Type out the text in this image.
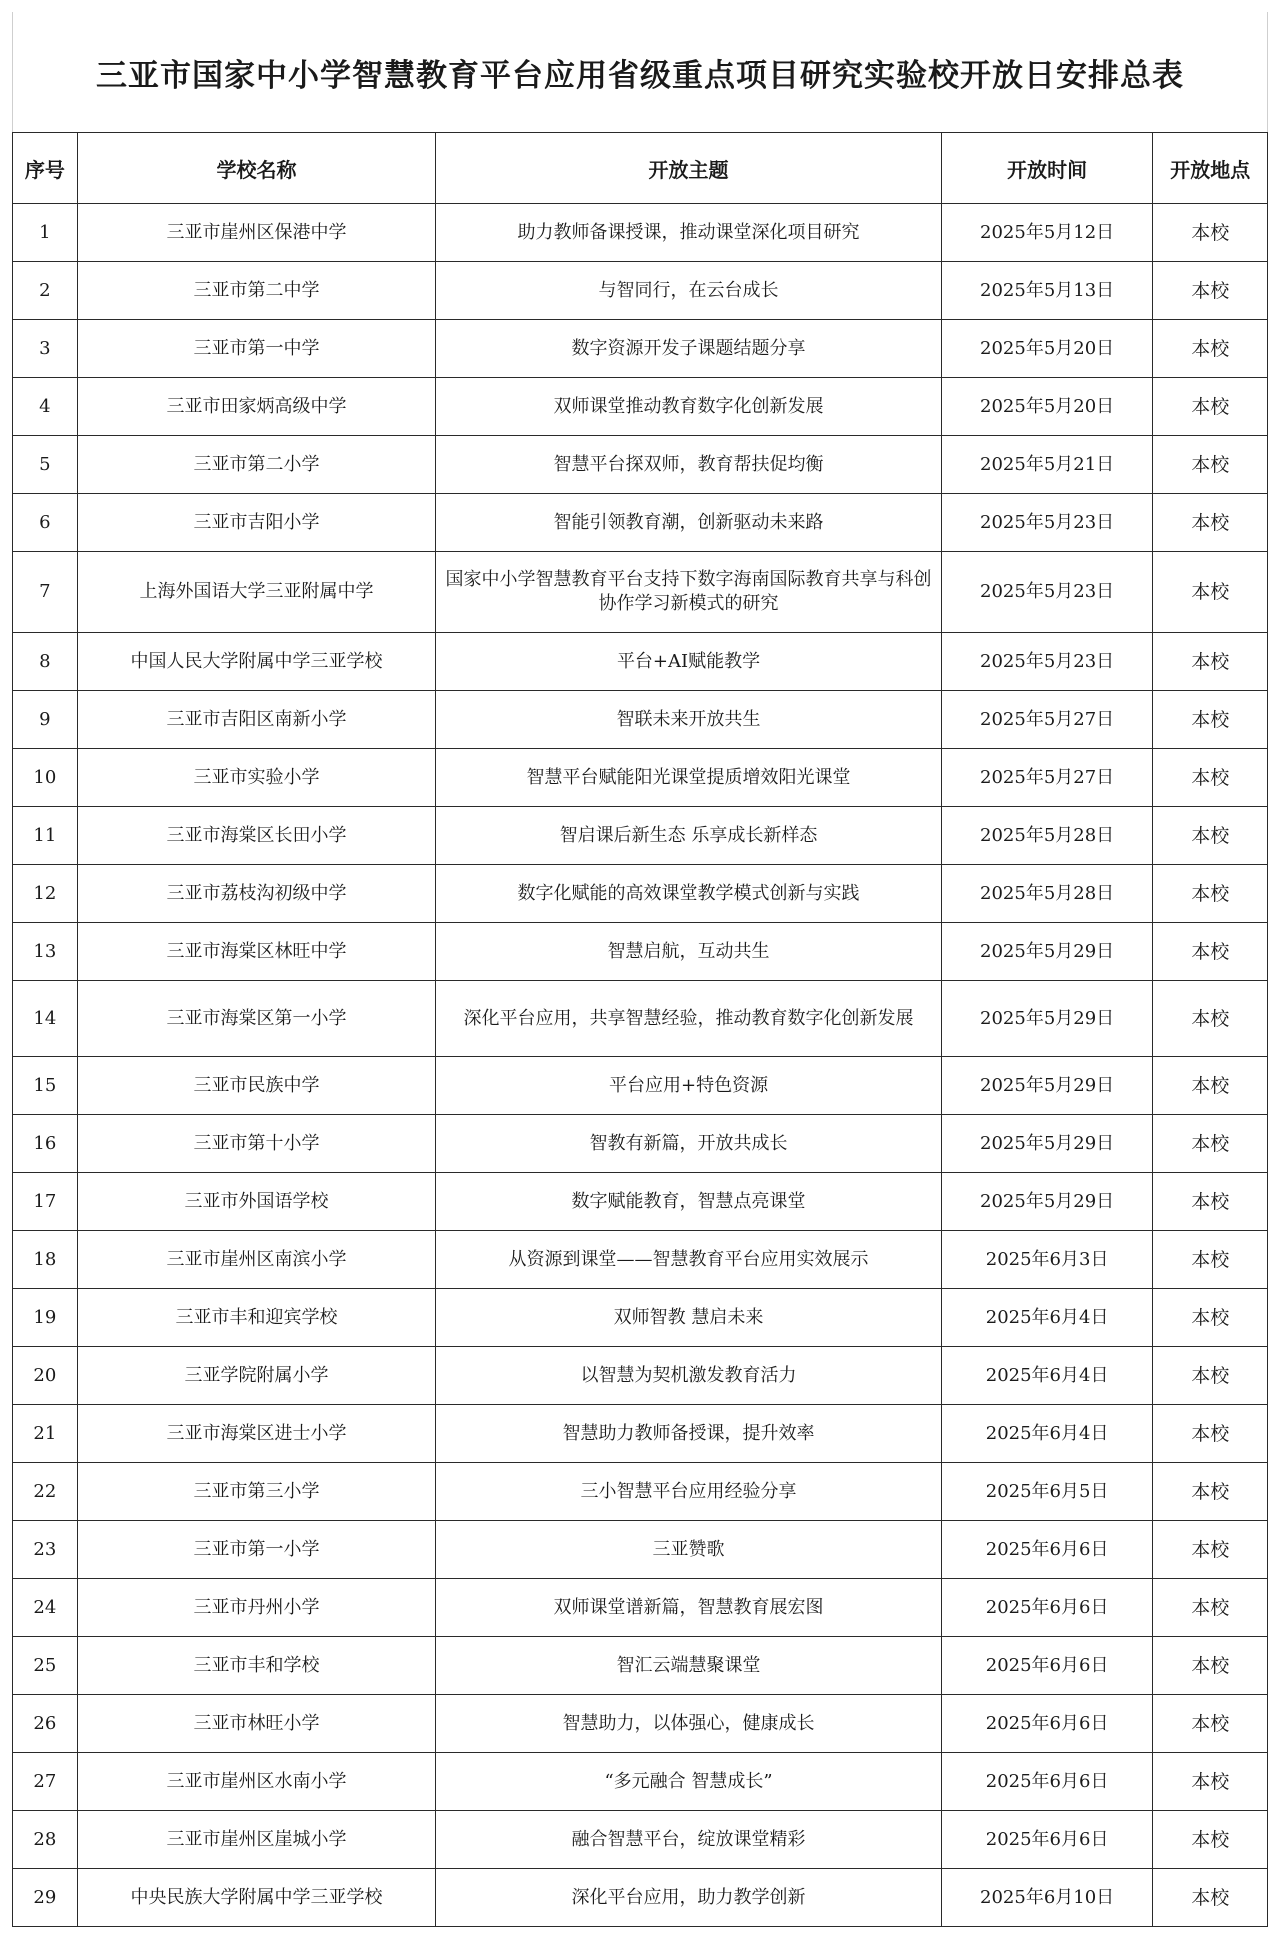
三亚市国家中小学智慧教育平台应用省级重点项目研究实验校开放日安排总表
序号	学校名称	开放主题	开放时间	开放地点
1	三亚市崖州区保港中学	助力教师备课授课，推动课堂深化项目研究	2025年5月12日	本校
2	三亚市第二中学	与智同行，在云台成长	2025年5月13日	本校
3	三亚市第一中学	数字资源开发子课题结题分享	2025年5月20日	本校
4	三亚市田家炳高级中学	双师课堂推动教育数字化创新发展	2025年5月20日	本校
5	三亚市第二小学	智慧平台探双师，教育帮扶促均衡	2025年5月21日	本校
6	三亚市吉阳小学	智能引领教育潮，创新驱动未来路	2025年5月23日	本校
7	上海外国语大学三亚附属中学	国家中小学智慧教育平台支持下数字海南国际教育共享与科创协作学习新模式的研究	2025年5月23日	本校
8	中国人民大学附属中学三亚学校	平台+AI赋能教学	2025年5月23日	本校
9	三亚市吉阳区南新小学	智联未来开放共生	2025年5月27日	本校
10	三亚市实验小学	智慧平台赋能阳光课堂提质增效阳光课堂	2025年5月27日	本校
11	三亚市海棠区长田小学	智启课后新生态 乐享成长新样态	2025年5月28日	本校
12	三亚市荔枝沟初级中学	数字化赋能的高效课堂教学模式创新与实践	2025年5月28日	本校
13	三亚市海棠区林旺中学	智慧启航，互动共生	2025年5月29日	本校
14	三亚市海棠区第一小学	深化平台应用，共享智慧经验，推动教育数字化创新发展	2025年5月29日	本校
15	三亚市民族中学	平台应用+特色资源	2025年5月29日	本校
16	三亚市第十小学	智教有新篇，开放共成长	2025年5月29日	本校
17	三亚市外国语学校	数字赋能教育，智慧点亮课堂	2025年5月29日	本校
18	三亚市崖州区南滨小学	从资源到课堂——智慧教育平台应用实效展示	2025年6月3日	本校
19	三亚市丰和迎宾学校	双师智教 慧启未来	2025年6月4日	本校
20	三亚学院附属小学	以智慧为契机激发教育活力	2025年6月4日	本校
21	三亚市海棠区进士小学	智慧助力教师备授课，提升效率	2025年6月4日	本校
22	三亚市第三小学	三小智慧平台应用经验分享	2025年6月5日	本校
23	三亚市第一小学	三亚赞歌	2025年6月6日	本校
24	三亚市丹州小学	双师课堂谱新篇，智慧教育展宏图	2025年6月6日	本校
25	三亚市丰和学校	智汇云端慧聚课堂	2025年6月6日	本校
26	三亚市林旺小学	智慧助力，以体强心，健康成长	2025年6月6日	本校
27	三亚市崖州区水南小学	“多元融合 智慧成长”	2025年6月6日	本校
28	三亚市崖州区崖城小学	融合智慧平台，绽放课堂精彩	2025年6月6日	本校
29	中央民族大学附属中学三亚学校	深化平台应用，助力教学创新	2025年6月10日	本校
